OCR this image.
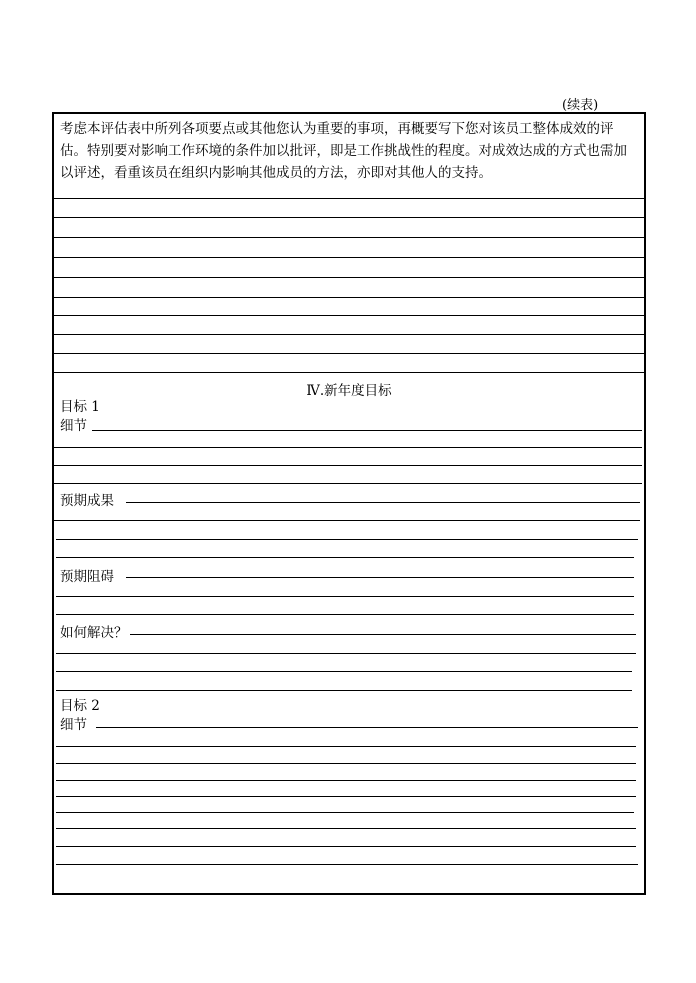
(续表)

考虑本评估表中所列各项要点或其他您认为重要的事项，再概要写下您对该员工整体成效的评估。特别要对影响工作环境的条件加以批评，即是工作挑战性的程度。对成效达成的方式也需加以评述，看重该员在组织内影响其他成员的方法，亦即对其他人的支持。

Ⅳ.新年度目标
目标 1
细节
预期成果
预期阻碍
如何解决？
目标 2
细节
